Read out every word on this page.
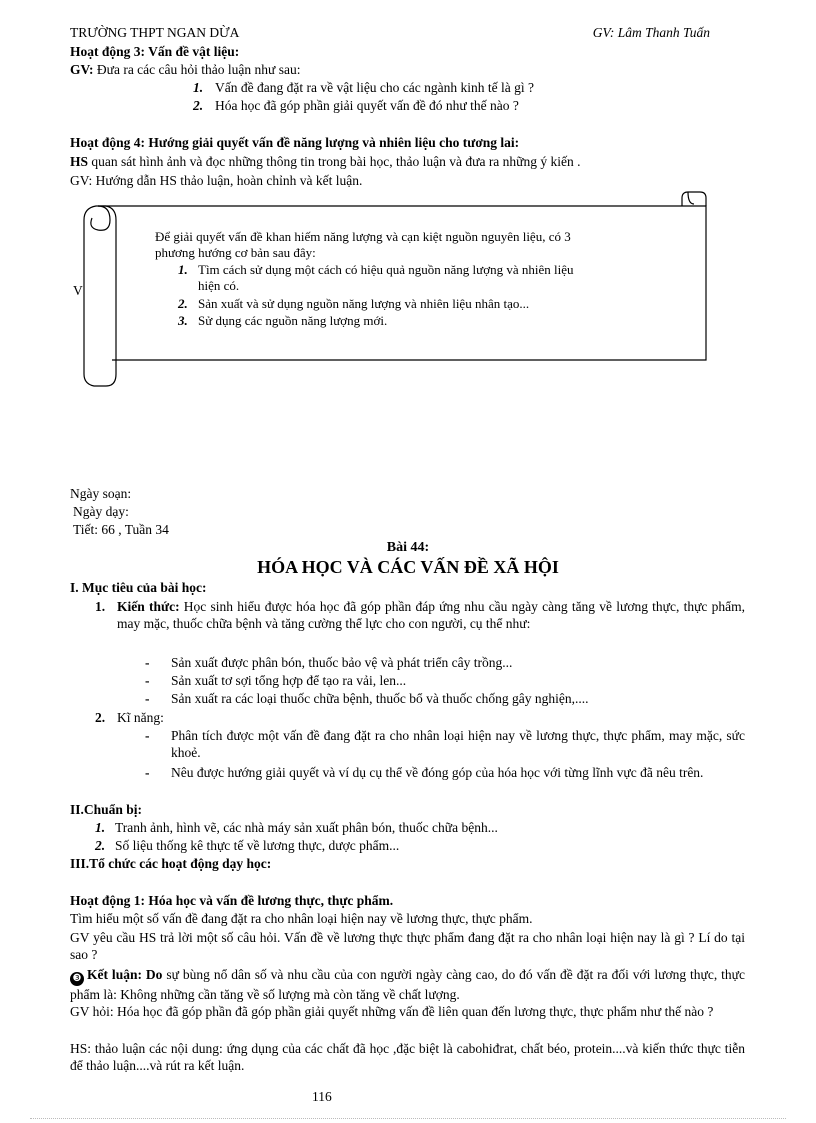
TRƯỜNG THPT NGAN DỪA	GV: Lâm Thanh Tuấn
Hoạt động 3: Vấn đề vật liệu:
GV: Đưa ra các câu hỏi thảo luận như sau:
1. Vấn đề đang đặt ra về vật liệu cho các ngành kinh tế là gì ?
2. Hóa học đã góp phần giải quyết vấn đề đó như thế nào ?
Hoạt động 4: Hướng giải quyết vấn đề năng lượng và nhiên liệu cho tương lai:
HS quan sát hình ảnh và đọc những thông tin trong bài học, thảo luận và đưa ra những ý kiến .
GV: Hướng dẫn HS thảo luận, hoàn chỉnh và kết luận.
V
Để giải quyết vấn đề khan hiếm năng lượng và cạn kiệt nguồn nguyên liệu, có 3
phương hướng cơ bản sau đây:
1. Tìm cách sử dụng một cách có hiệu quả nguồn năng lượng và nhiên liệu
hiện có.
2. Sản xuất và sử dụng nguồn năng lượng và nhiên liệu nhân tạo...
3. Sử dụng các nguồn năng lượng mới.
Ngày soạn:
Ngày dạy:
Tiết: 66 , Tuần 34
Bài 44:
HÓA HỌC VÀ CÁC VẤN ĐỀ XÃ HỘI
I. Mục tiêu của bài học:
1. Kiến thức: Học sinh hiểu được hóa học đã góp phần đáp ứng nhu cầu ngày càng tăng về lương thực, thực phẩm, may mặc, thuốc chữa bệnh và tăng cường thể lực cho con người, cụ thể như:
- Sản xuất được phân bón, thuốc bảo vệ và phát triển cây trồng...
- Sản xuất tơ sợi tổng hợp để tạo ra vải, len...
- Sản xuất ra các loại thuốc chữa bệnh, thuốc bổ và thuốc chống gây nghiện,....
2. Kĩ năng:
- Phân tích được một vấn đề đang đặt ra cho nhân loại hiện nay về lương thực, thực phẩm, may mặc, sức khoẻ.
- Nêu được hướng giải quyết và ví dụ cụ thể về đóng góp của hóa học với từng lĩnh vực đã nêu trên.
II.Chuẩn bị:
1. Tranh ảnh, hình vẽ, các nhà máy sản xuất phân bón, thuốc chữa bệnh...
2. Số liệu thống kê thực tế về lương thực, dược phẩm...
III.Tổ chức các hoạt động dạy học:
Hoạt động 1: Hóa học và vấn đề lương thực, thực phẩm.
Tìm hiểu một số vấn đề đang đặt ra cho nhân loại hiện nay về lương thực, thực phẩm.
GV yêu cầu HS trả lời một số câu hỏi. Vấn đề về lương thực thực phẩm đang đặt ra cho nhân loại hiện nay là gì ? Lí do tại sao ?
❸ Kết luận: Do sự bùng nổ dân số và nhu cầu của con người ngày càng cao, do đó vấn đề đặt ra đối với lương thực, thực phẩm là: Không những cần tăng về số lượng mà còn tăng về chất lượng.
GV hỏi: Hóa học đã góp phần đã góp phần giải quyết những vấn đề liên quan đến lương thực, thực phẩm như thế nào ?
HS: thảo luận các nội dung: ứng dụng của các chất đã học ,đặc biệt là cabohiđrat, chất béo, protein....và kiến thức thực tiễn để thảo luận....và rút ra kết luận.
116
